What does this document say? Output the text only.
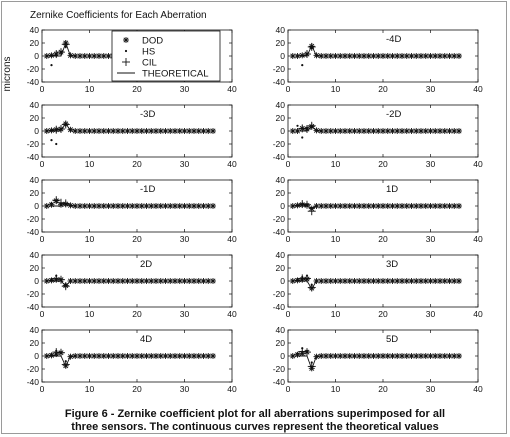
Zernike Coefficients for Each Aberration
microns -40
-20
0
20
40
0	10	20	30	40
-40
-20
0
20
40
0	10	20	30	40
-4D
-40
-20
0
20
40
0	10	20	30	40
-3D
-40
-20
0
20
40
0	10	20	30	40
-2D
-40
-20
0
20
40
0	10	20	30	40
-1D
-40
-20
0
20
40
0	10	20	30	40
1D
-40
-20
0
20
40
0	10	20	30	40
2D
-40
-20
0
20
40
0	10	20	30	40
3D
-40
-20
0
20
40
0	10	20	30	40
4D
-40
-20
0
20
40
0	10	20	30	40
5D
DOD
HS
CIL
THEORETICAL
Figure 6 - Zernike coefficient plot for all aberrations superimposed for all
three sensors. The continuous curves represent the theoretical values
